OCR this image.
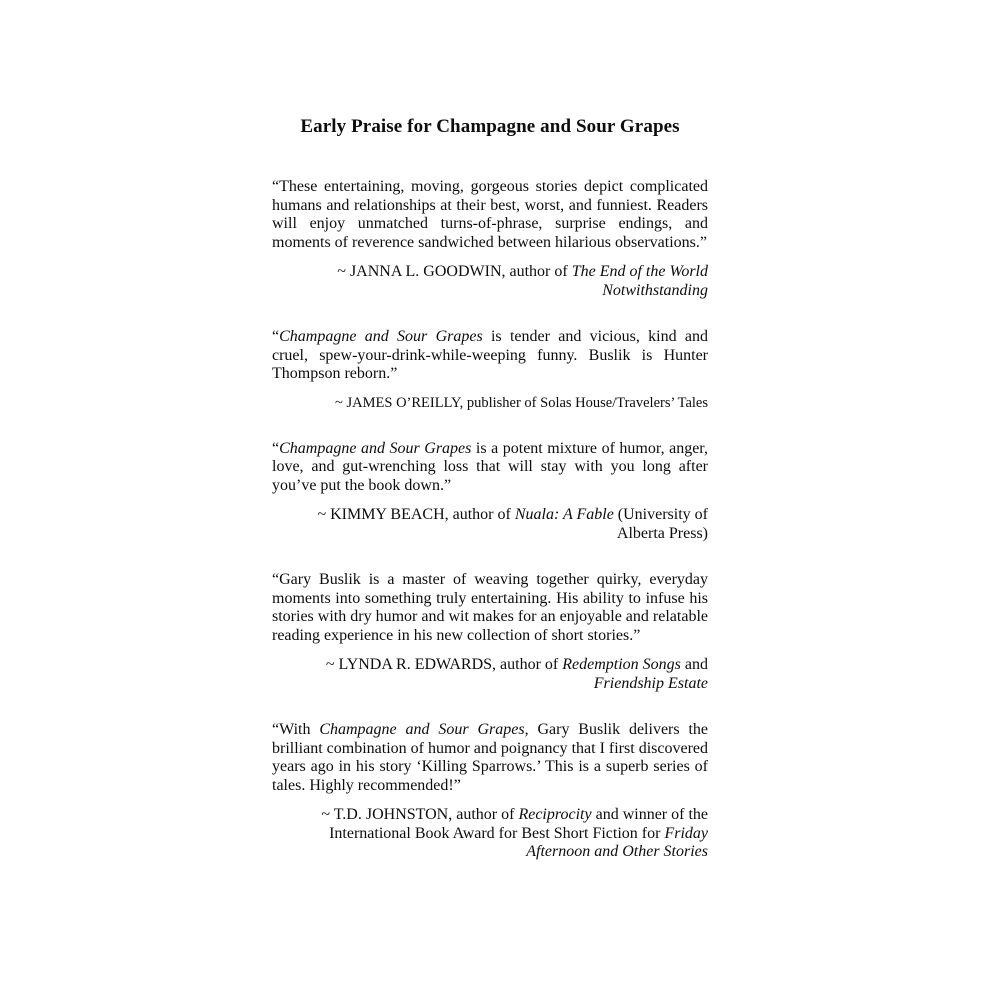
Early Praise for Champagne and Sour Grapes

“These entertaining, moving, gorgeous stories depict complicated humans and relationships at their best, worst, and funniest. Readers will enjoy unmatched turns-of-phrase, surprise endings, and moments of reverence sandwiched between hilarious observations.”

~ JANNA L. GOODWIN, author of The End of the World Notwithstanding

“Champagne and Sour Grapes is tender and vicious, kind and cruel, spew-your-drink-while-weeping funny. Buslik is Hunter Thompson reborn.”

~ JAMES O’REILLY, publisher of Solas House/Travelers’ Tales

“Champagne and Sour Grapes is a potent mixture of humor, anger, love, and gut-wrenching loss that will stay with you long after you’ve put the book down.”

~ KIMMY BEACH, author of Nuala: A Fable (University of Alberta Press)

“Gary Buslik is a master of weaving together quirky, everyday moments into something truly entertaining. His ability to infuse his stories with dry humor and wit makes for an enjoyable and relatable reading experience in his new collection of short stories.”

~ LYNDA R. EDWARDS, author of Redemption Songs and Friendship Estate

“With Champagne and Sour Grapes, Gary Buslik delivers the brilliant combination of humor and poignancy that I first discovered years ago in his story ‘Killing Sparrows.’ This is a superb series of tales. Highly recommended!”

~ T.D. JOHNSTON, author of Reciprocity and winner of the International Book Award for Best Short Fiction for Friday Afternoon and Other Stories
